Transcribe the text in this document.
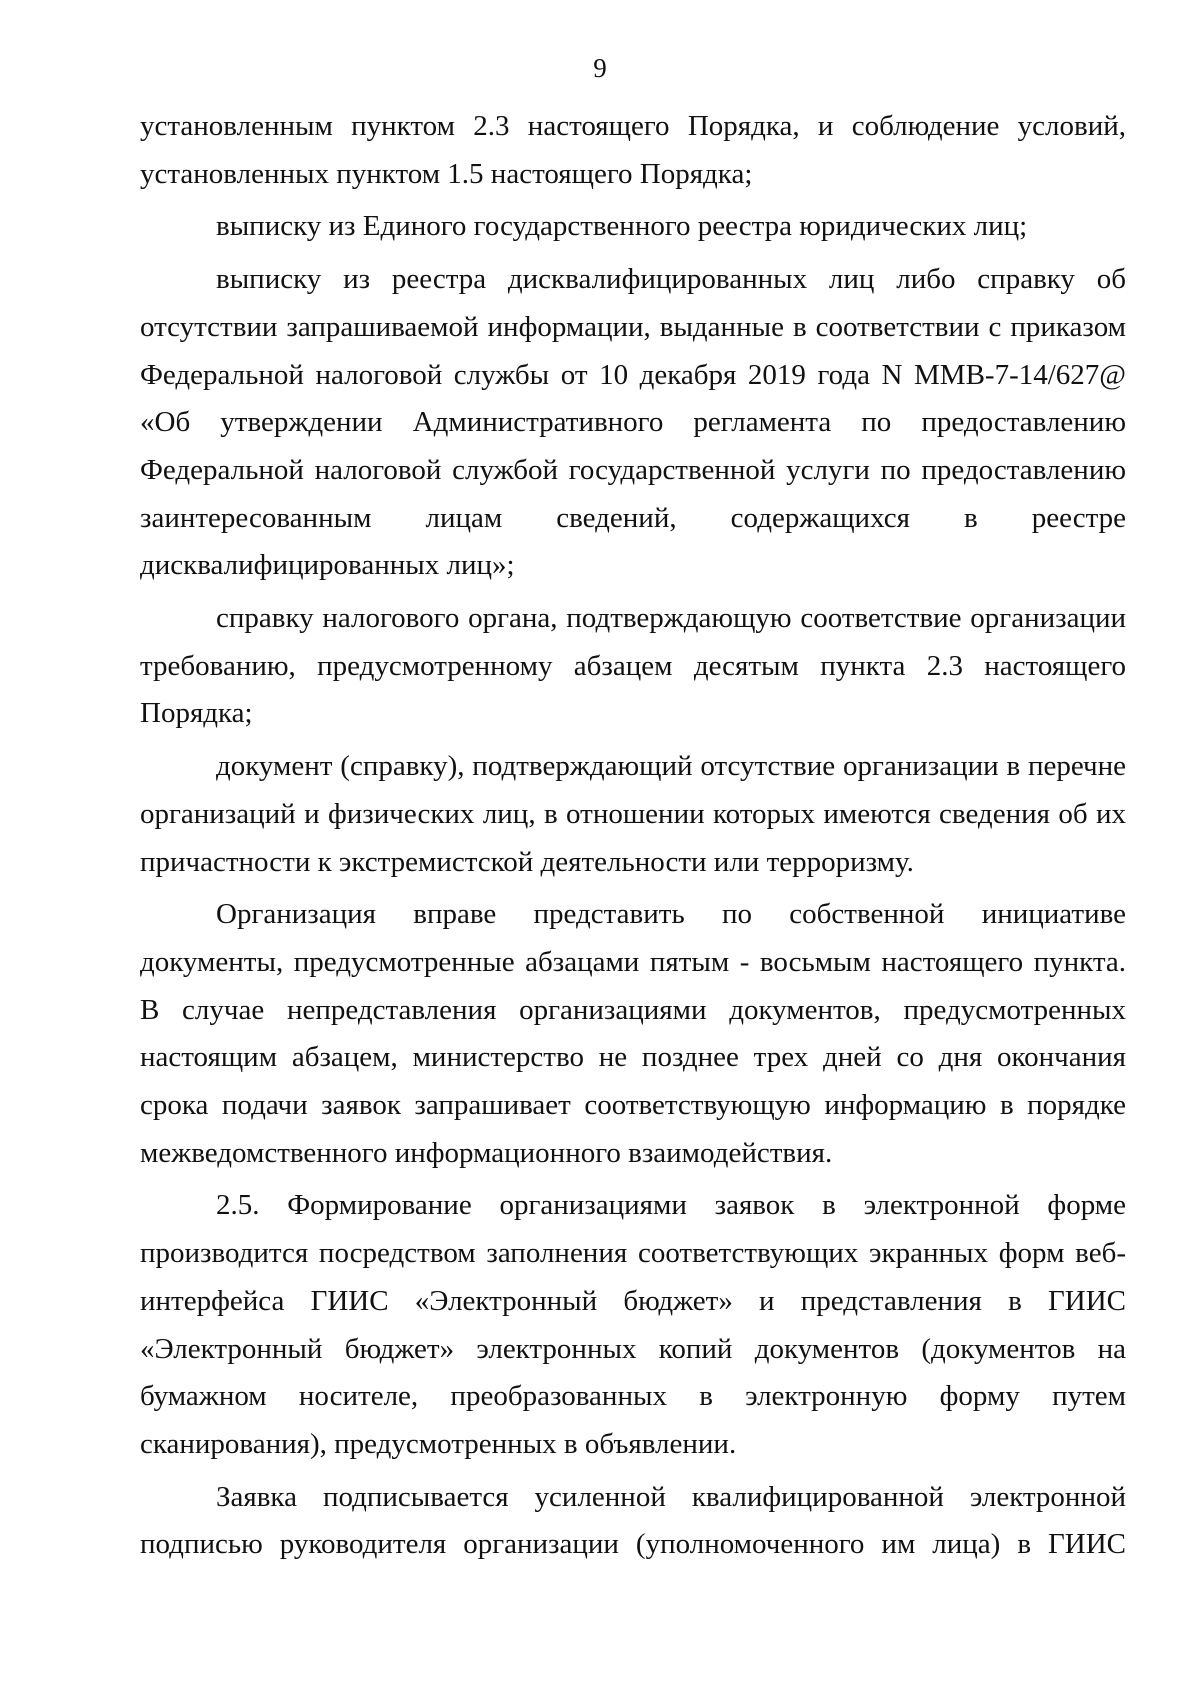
9

установленным пунктом 2.3 настоящего Порядка, и соблюдение условий, установленных пунктом 1.5 настоящего Порядка;

выписку из Единого государственного реестра юридических лиц;

выписку из реестра дисквалифицированных лиц либо справку об отсутствии запрашиваемой информации, выданные в соответствии с приказом Федеральной налоговой службы от 10 декабря 2019 года N ММВ-7-14/627@ «Об утверждении Административного регламента по предоставлению Федеральной налоговой службой государственной услуги по предоставлению заинтересованным лицам сведений, содержащихся в реестре дисквалифицированных лиц»;

справку налогового органа, подтверждающую соответствие организации требованию, предусмотренному абзацем десятым пункта 2.3 настоящего Порядка;

документ (справку), подтверждающий отсутствие организации в перечне организаций и физических лиц, в отношении которых имеются сведения об их причастности к экстремистской деятельности или терроризму.

Организация вправе представить по собственной инициативе документы, предусмотренные абзацами пятым - восьмым настоящего пункта. В случае непредставления организациями документов, предусмотренных настоящим абзацем, министерство не позднее трех дней со дня окончания срока подачи заявок запрашивает соответствующую информацию в порядке межведомственного информационного взаимодействия.

2.5. Формирование организациями заявок в электронной форме производится посредством заполнения соответствующих экранных форм веб-интерфейса ГИИС «Электронный бюджет» и представления в ГИИС «Электронный бюджет» электронных копий документов (документов на бумажном носителе, преобразованных в электронную форму путем сканирования), предусмотренных в объявлении.

Заявка подписывается усиленной квалифицированной электронной подписью руководителя организации (уполномоченного им лица) в ГИИС
